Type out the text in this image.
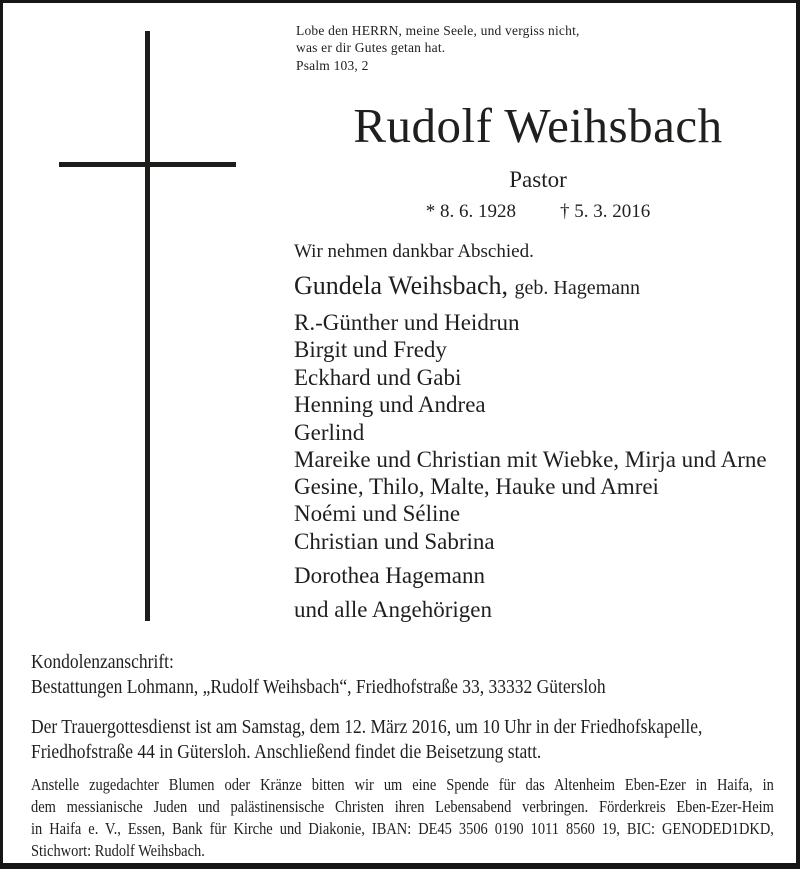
Lobe den HERRN, meine Seele, und vergiss nicht,
was er dir Gutes getan hat.
Psalm 103, 2
Rudolf Weihsbach
Pastor
* 8. 6. 1928 † 5. 3. 2016
Wir nehmen dankbar Abschied.
Gundela Weihsbach, geb. Hagemann
R.-Günther und Heidrun
Birgit und Fredy
Eckhard und Gabi
Henning und Andrea
Gerlind
Mareike und Christian mit Wiebke, Mirja und Arne
Gesine, Thilo, Malte, Hauke und Amrei
Noémi und Séline
Christian und Sabrina
Dorothea Hagemann
und alle Angehörigen
Kondolenzanschrift:
Bestattungen Lohmann, „Rudolf Weihsbach“, Friedhofstraße 33, 33332 Gütersloh
Der Trauergottesdienst ist am Samstag, dem 12. März 2016, um 10 Uhr in der Friedhofskapelle,
Friedhofstraße 44 in Gütersloh. Anschließend findet die Beisetzung statt.
Anstelle zugedachter Blumen oder Kränze bitten wir um eine Spende für das Altenheim Eben-Ezer in Haifa, in
dem messianische Juden und palästinensische Christen ihren Lebensabend verbringen. Förderkreis Eben-Ezer-Heim
in Haifa e. V., Essen, Bank für Kirche und Diakonie, IBAN: DE45 3506 0190 1011 8560 19, BIC: GENODED1DKD,
Stichwort: Rudolf Weihsbach.
